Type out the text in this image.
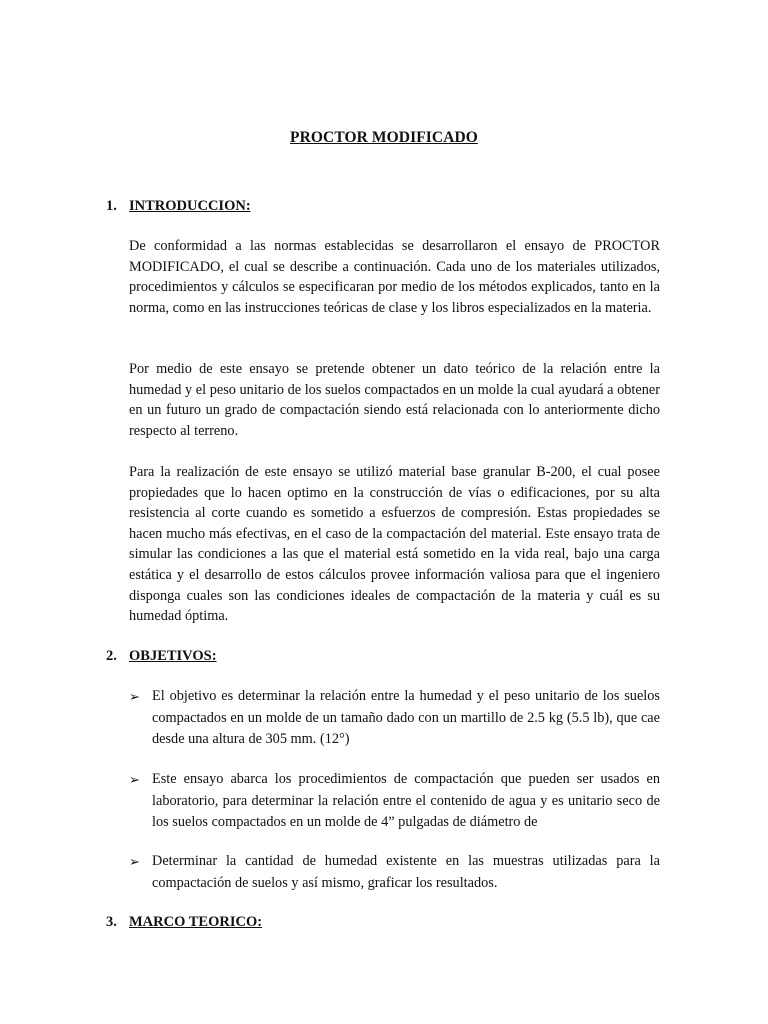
PROCTOR MODIFICADO
1. INTRODUCCION:

De conformidad a las normas establecidas se desarrollaron el ensayo de PROCTOR MODIFICADO, el cual se describe a continuación. Cada uno de los materiales utilizados, procedimientos y cálculos se especificaran por medio de los métodos explicados, tanto en la norma, como en las instrucciones teóricas de clase y los libros especializados en la materia.

Por medio de este ensayo se pretende obtener un dato teórico de la relación entre la humedad y el peso unitario de los suelos compactados en un molde la cual ayudará a obtener en un futuro un grado de compactación siendo está relacionada con lo anteriormente dicho respecto al terreno.

Para la realización de este ensayo se utilizó material base granular B-200, el cual posee propiedades que lo hacen optimo en la construcción de vías o edificaciones, por su alta resistencia al corte cuando es sometido a esfuerzos de compresión. Estas propiedades se hacen mucho más efectivas, en el caso de la compactación del material. Este ensayo trata de simular las condiciones a las que el material está sometido en la vida real, bajo una carga estática y el desarrollo de estos cálculos provee información valiosa para que el ingeniero disponga cuales son las condiciones ideales de compactación de la materia y cuál es su humedad óptima.

2. OBJETIVOS:
➢ El objetivo es determinar la relación entre la humedad y el peso unitario de los suelos compactados en un molde de un tamaño dado con un martillo de 2.5 kg (5.5 lb), que cae desde una altura de 305 mm. (12°)
➢ Este ensayo abarca los procedimientos de compactación que pueden ser usados en laboratorio, para determinar la relación entre el contenido de agua y es unitario seco de los suelos compactados en un molde de 4” pulgadas de diámetro de
➢ Determinar la cantidad de humedad existente en las muestras utilizadas para la compactación de suelos y así mismo, graficar los resultados.
3. MARCO TEORICO:
